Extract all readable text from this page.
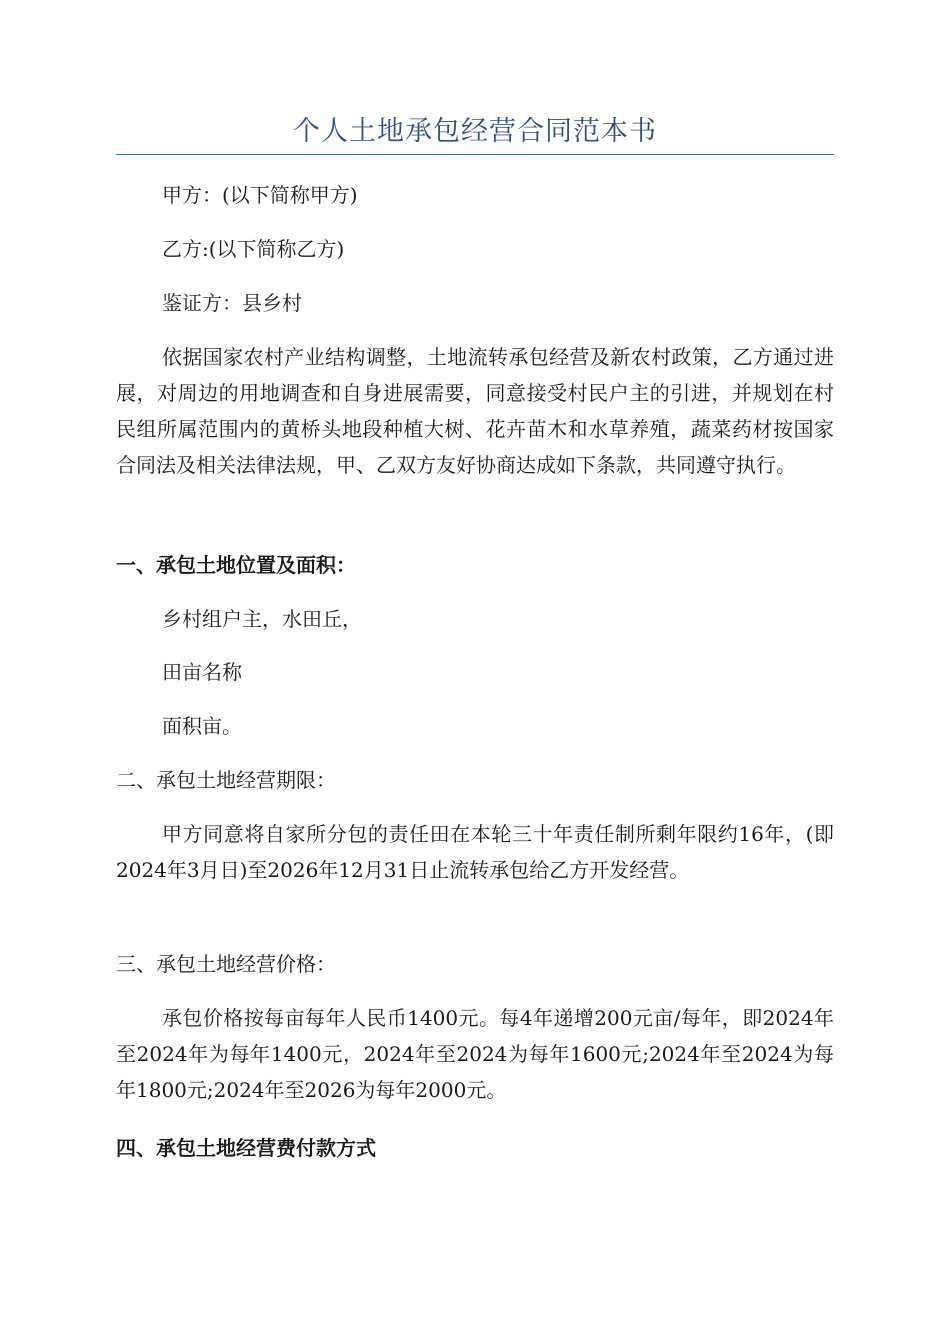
个人土地承包经营合同范本书
甲方：(以下简称甲方)
乙方:(以下简称乙方)
鉴证方：县乡村
依据国家农村产业结构调整，土地流转承包经营及新农村政策，乙方通过进展，对周边的用地调查和自身进展需要，同意接受村民户主的引进，并规划在村民组所属范围内的黄桥头地段种植大树、花卉苗木和水草养殖，蔬菜药材按国家合同法及相关法律法规，甲、乙双方友好协商达成如下条款，共同遵守执行。
一、承包土地位置及面积：
乡村组户主，水田丘，
田亩名称
面积亩。
二、承包土地经营期限：
甲方同意将自家所分包的责任田在本轮三十年责任制所剩年限约16年，(即2024年3月日)至2026年12月31日止流转承包给乙方开发经营。
三、承包土地经营价格：
承包价格按每亩每年人民币1400元。每4年递增200元亩/每年，即2024年至2024年为每年1400元，2024年至2024为每年1600元;2024年至2024为每年1800元;2024年至2026为每年2000元。
四、承包土地经营费付款方式
